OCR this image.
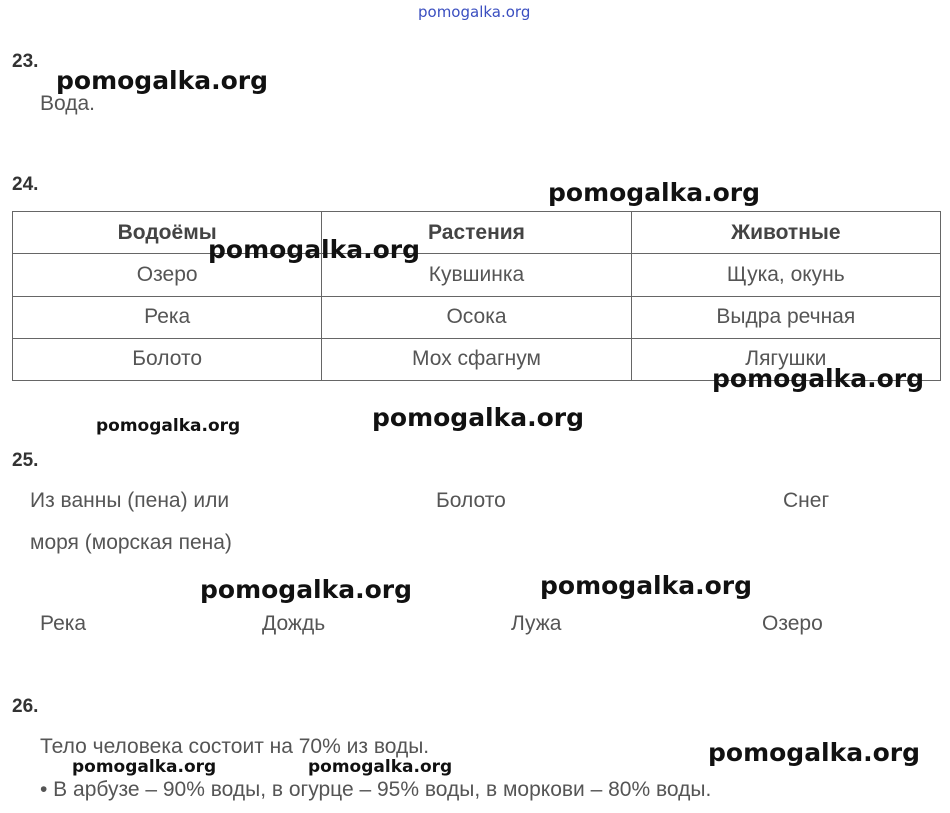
pomogalka.org
23.
Вода.
pomogalka.org
24.	pomogalka.org
Водоёмы	Растения	Животные
Озеро	Кувшинка	Щука, окунь
Река	Осока	Выдра речная
Болото	Мох сфагнум	Лягушки
pomogalka.org
pomogalka.org
pomogalka.org	pomogalka.org
25.
Из ванны (пена) или	Болото	Снег
моря (морская пена)
pomogalka.org	pomogalka.org
Река	Дождь	Лужа	Озеро
26.
Тело человека состоит на 70% из воды.	pomogalka.org
pomogalka.org	pomogalka.org
• В арбузе – 90% воды, в огурце – 95% воды, в моркови – 80% воды.
